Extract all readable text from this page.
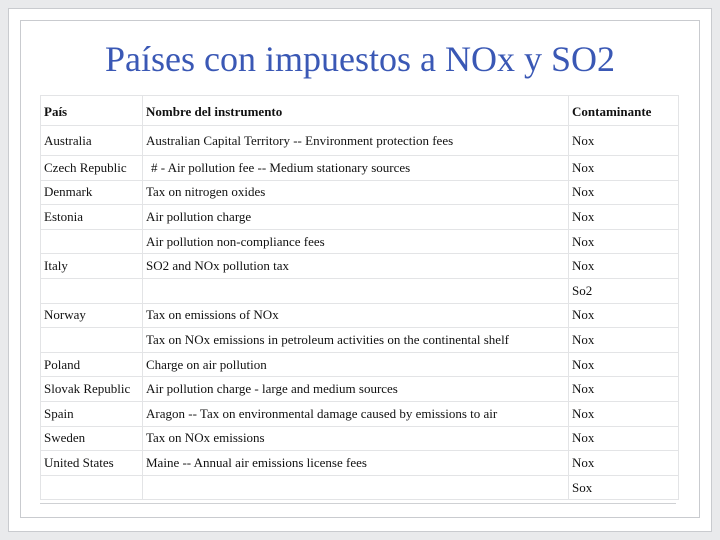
Países con impuestos a NOx y SO2
País	Nombre del instrumento	Contaminante
Australia	Australian Capital Territory -- Environment protection fees	Nox
Czech Republic	# - Air pollution fee -- Medium stationary sources	Nox
Denmark	Tax on nitrogen oxides	Nox
Estonia	Air pollution charge	Nox
	Air pollution non-compliance fees	Nox
Italy	SO2 and NOx pollution tax	Nox
		So2
Norway	Tax on emissions of NOx	Nox
	Tax on NOx emissions in petroleum activities on the continental shelf	Nox
Poland	Charge on air pollution	Nox
Slovak Republic	Air pollution charge - large and medium sources	Nox
Spain	Aragon -- Tax on environmental damage caused by emissions to air	Nox
Sweden	Tax on NOx emissions	Nox
United States	Maine -- Annual air emissions license fees	Nox
		Sox
